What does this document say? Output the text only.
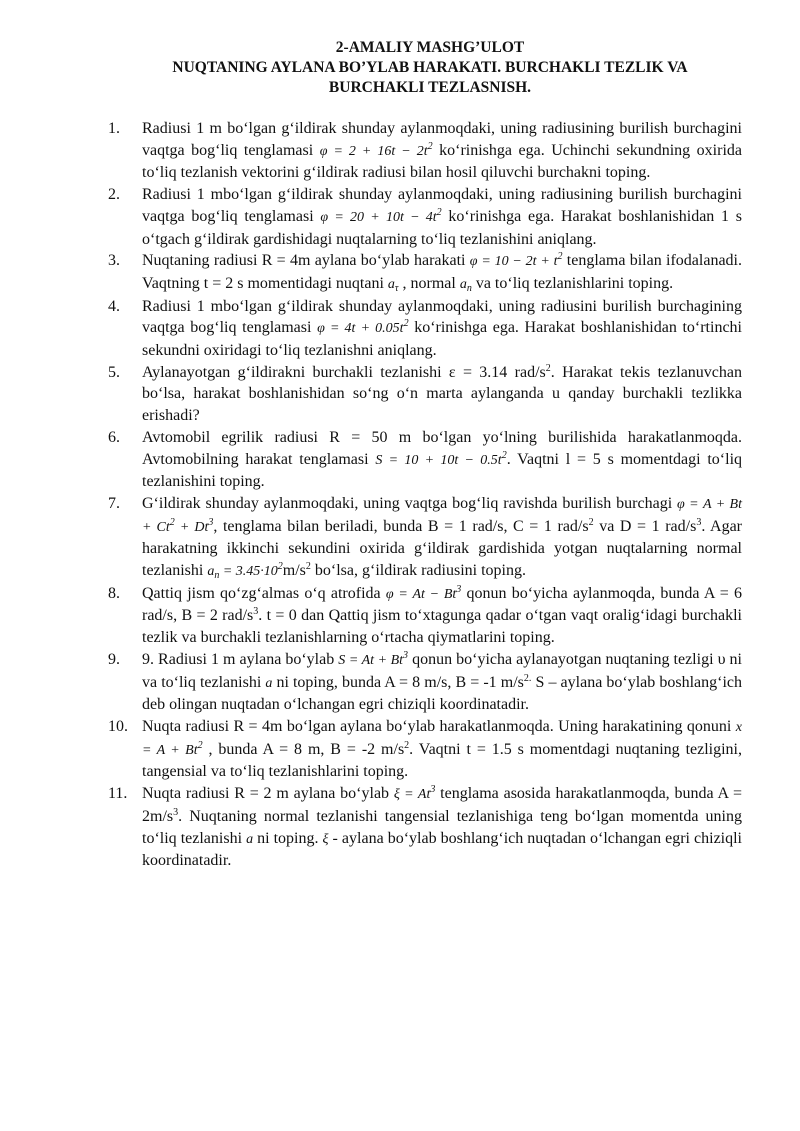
2-AMALIY MASHG’ULOT
NUQTANING AYLANA BO’YLAB HARAKATI. BURCHAKLI TEZLIK VA
BURCHAKLI TEZLASNISH.
1.	Radiusi 1 m bo‘lgan g‘ildirak shunday aylanmoqdaki, uning radiusining burilish burchagini vaqtga bog‘liq tenglamasi $\varphi = 2 + 16t - 2t^2$ ko‘rinishga ega. Uchinchi sekundning oxirida to‘liq tezlanish vektorini g‘ildirak radiusi bilan hosil qiluvchi burchakni toping.
2.	Radiusi 1 mbo‘lgan g‘ildirak shunday aylanmoqdaki, uning radiusining burilish burchagini vaqtga bog‘liq tenglamasi $\varphi = 20 + 10t - 4t^2$ ko‘rinishga ega. Harakat boshlanishidan 1 s o‘tgach g‘ildirak gardishidagi nuqtalarning to‘liq tezlanishini aniqlang.
3.	Nuqtaning radiusi R = 4m aylana bo‘ylab harakati $\varphi = 10 - 2t + t^2$ tenglama bilan ifodalanadi. Vaqtning t = 2 s momentidagi nuqtani $a_\tau$ , normal $a_n$ va to‘liq tezlanishlarini toping.
4.	Radiusi 1 mbo‘lgan g‘ildirak shunday aylanmoqdaki, uning radiusini burilish burchagining vaqtga bog‘liq tenglamasi $\varphi = 4t + 0.05t^2$ ko‘rinishga ega. Harakat boshlanishidan to‘rtinchi sekundni oxiridagi to‘liq tezlanishni aniqlang.
5.	Aylanayotgan g‘ildirakni burchakli tezlanishi ε = 3.14 rad/$s^2$. Harakat tekis tezlanuvchan bo‘lsa, harakat boshlanishidan so‘ng o‘n marta aylanganda u qanday burchakli tezlikka erishadi?
6.	Avtomobil egrilik radiusi R = 50 m bo‘lgan yo‘lning burilishida harakatlanmoqda. Avtomobilning harakat tenglamasi $S = 10 + 10t - 0.5t^2$. Vaqtni l = 5 s momentdagi to‘liq tezlanishini toping.
7.	G‘ildirak shunday aylanmoqdaki, uning vaqtga bog‘liq ravishda burilish burchagi $\varphi = A + Bt + Ct^2 + Dt^3$, tenglama bilan beriladi, bunda B = 1 rad/s, C = 1 rad/$s^2$ va D = 1 rad/$s^3$. Agar harakatning ikkinchi sekundini oxirida g‘ildirak gardishida yotgan nuqtalarning normal tezlanishi $a_n = 3.45\cdot 10^2m/s^2$ bo‘lsa, g‘ildirak radiusini toping.
8.	Qattiq jism qo‘zg‘almas o‘q atrofida $\varphi = At - Bt^3$ qonun bo‘yicha aylanmoqda, bunda A = 6 rad/s, B = 2 rad/$s^3$. t = 0 dan Qattiq jism to‘xtagunga qadar o‘tgan vaqt oralig‘idagi burchakli tezlik va burchakli tezlanishlarning o‘rtacha qiymatlarini toping.
9.	9. Radiusi 1 m aylana bo‘ylab $S = At + Bt^3$ qonun bo‘yicha aylanayotgan nuqtaning tezligi υ ni va to‘liq tezlanishi a ni toping, bunda A = 8 m/s, B = -1 $m/s^{2.}$ S – aylana bo‘ylab boshlang‘ich deb olingan nuqtadan o‘lchangan egri chiziqli koordinatadir.
10. Nuqta radiusi R = 4m bo‘lgan aylana bo‘ylab harakatlanmoqda. Uning harakatining qonuni $x = A + Bt^2$ , bunda A = 8 m, B = -2 $m/s^2$. Vaqtni t = 1.5 s momentdagi nuqtaning tezligini, tangensial va to‘liq tezlanishlarini toping.
11. Nuqta radiusi R = 2 m aylana bo‘ylab $\xi = At^3$ tenglama asosida harakatlanmoqda, bunda $A = 2m/s^3$. Nuqtaning normal tezlanishi tangensial tezlanishiga teng bo‘lgan momentda uning to‘liq tezlanishi a ni toping. ξ - aylana bo‘ylab boshlang‘ich nuqtadan o‘lchangan egri chiziqli koordinatadir.
